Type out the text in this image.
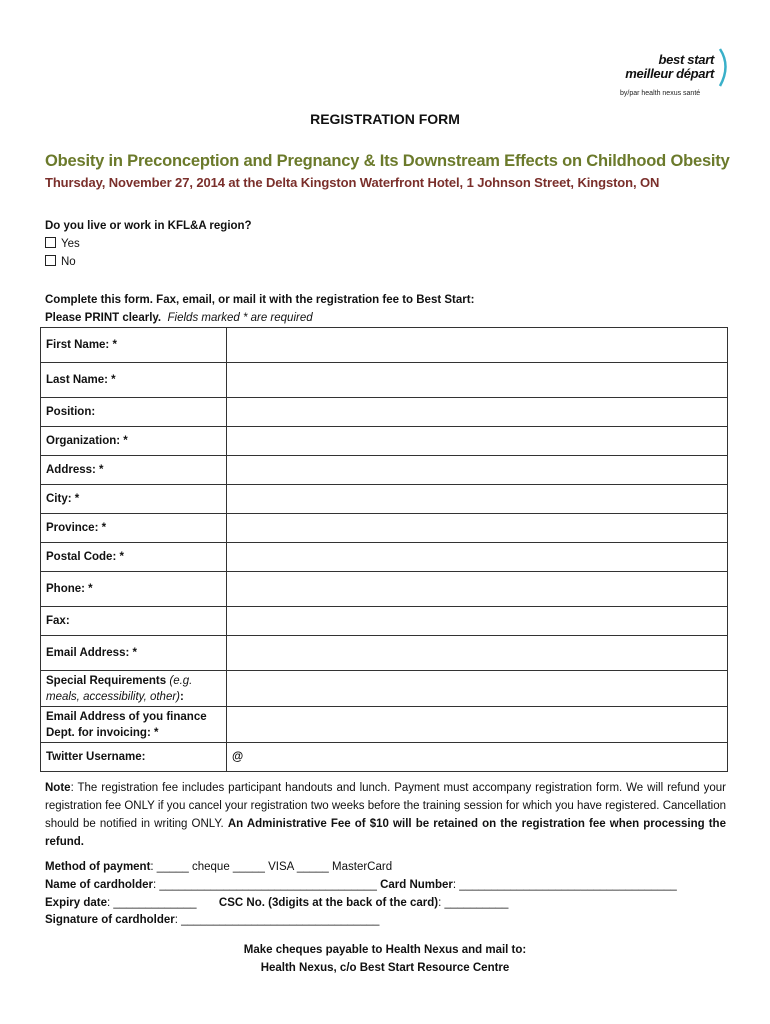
best start
meilleur départ
by/par health nexus santé
REGISTRATION FORM
Obesity in Preconception and Pregnancy & Its Downstream Effects on Childhood Obesity
Thursday, November 27, 2014 at the Delta Kingston Waterfront Hotel, 1 Johnson Street, Kingston, ON
Do you live or work in KFL&A region?
Yes
No
Complete this form. Fax, email, or mail it with the registration fee to Best Start:
Please PRINT clearly. Fields marked * are required
First Name: *	
Last Name: *	
Position:	
Organization: *	
Address: *	
City: *	
Province: *	
Postal Code: *	
Phone: *	
Fax:	
Email Address: *	
Special Requirements (e.g.
meals, accessibility, other):	
Email Address of you finance
Dept. for invoicing: *	
Twitter Username:	@
Note: The registration fee includes participant handouts and lunch. Payment must accompany registration form. We will refund your registration fee ONLY if you cancel your registration two weeks before the training session for which you have registered. Cancellation should be notified in writing ONLY. An Administrative Fee of $10 will be retained on the registration fee when processing the refund.
Method of payment: _____ cheque _____ VISA _____ MasterCard
Name of cardholder: __________________________________ Card Number: __________________________________
Expiry date: _____________ CSC No. (3digits at the back of the card): __________
Signature of cardholder: _______________________________
Make cheques payable to Health Nexus and mail to:
Health Nexus, c/o Best Start Resource Centre
